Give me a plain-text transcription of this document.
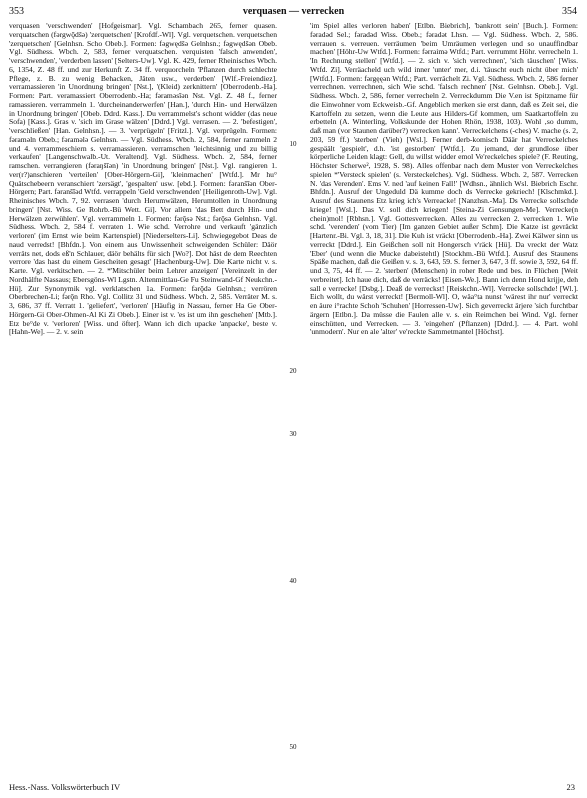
353	verquasen — verrecken	354

verquasen 'verschwenden' [Hofgeismar]. Vgl. Schambach 265, ferner quasen. verquatschen (fǝrgwǭdšǝ) 'zerquetschen' [Krofdf.-Wl]. Vgl. verquetschen. verquetschen 'zerquetschen' [Gelnhsn. Scho Obeb.]. Formen: fǝgwędšǝ Gelnhsn.; fǝgwędšǝn Obeb. Vgl. Südhess. Wbch. 2, 583, ferner verquatschen. verquisten 'falsch anwenden', 'verschwenden', 'verderben lassen' [Selters-Uw]. Vgl. K. 429, ferner Rheinisches Wbch. 6, 1354, Z. 48 ff. und zur Herkunft Z. 34 ff. verquorcheln 'Pflanzen durch schlechte Pflege, z. B. zu wenig Behacken, Jäten usw., verderben' [Wlf.-Freiendiez]. verramassieren 'in Unordnung bringen' [Nst.], '(Kleid) zerknittern' [Oberrodenb.-Ha]. Formen: Part. veramassiert Oberrodenb.-Ha; fǝramǝsīǝn Nst. Vgl. Z. 48 f., ferner ramassieren. verrammeln 1. 'durcheinanderwerfen' [Han.], 'durch Hin- und Herwälzen in Unordnung bringen' [Obeb. Ddrd. Kass.]. Du verrammelst's schont widder (das neue Sofa) [Kass.]. Gras v. 'sich im Grase wälzen' [Ddrd.] Vgl. verrasen. — 2. 'befestigen', 'verschließen' [Han. Gelnhsn.]. — 3. 'verprügeln' [Fritzl.]. Vgl. verprügeln. Formen: fǝramǝln Obeb.; fǝramǝlǝ Gelnhsn. — Vgl. Südhess. Wbch. 2, 584, ferner rammeln 2 und 4. verrammeschiern s. verramassieren. verramschen 'leichtsinnig und zu billig verkaufen' [Langenschwalb.-Ut. Veraltend]. Vgl. Südhess. Wbch. 2, 584, ferner ramschen. verrangieren (fǝraŋšīǝn) 'in Unordnung bringen' [Nst.]. Vgl. rangieren 1. ver(r?)anschieren 'verteilen' [Ober-Hörgern-Gi], 'kleinmachen' [Wtfd.]. Mr hu° Quätschebeern veranschiert 'zersägt', 'gespalten' usw. [ebd.]. Formen: fǝranšīǝn Ober-Hörgern; Part. fǝranšīǝd Wtfd. verrappeln 'Geld verschwenden' [Heiligenroth-Uw]. Vgl. Rheinisches Wbch. 7, 92. verrasen 'durch Herumwälzen, Herumtollen in Unordnung bringen' [Nst. Wiss. Ge Rohrb.-Bü Wett. Gi]. Vor allem 'das Bett durch Hin- und Herwälzen zerwühlen'. Vgl. verrammeln 1. Formen: fǝrǭsǝ Nst.; fǝrǭsǝ Gelnhsn. Vgl. Südhess. Wbch. 2, 584 f. verraten 1. Wie schd. Verrohre und verkauft 'gänzlich verloren' (im Ernst wie beim Kartenspiel) [Niederselters-Li]. Schwiegegebot Deas de naud verredst! [Bhfdn.]. Von einem aus Unwissenheit schweigenden Schüler: Däör verräts net, dods eß'n Schlauer, däör behälts für sich [Wo?]. Dot häst de dem Reechten verrore 'das hast du einem Gescheiten gesagt' [Hachenburg-Uw]. Die Karte nicht v. s. Karte. Vgl. verkitschen. — 2. *'Mitschüler beim Lehrer anzeigen' [Vereinzelt in der Nordhälfte Nassaus; Ebersgöns-Wl Lgstn. Altenmittlau-Ge Fu Steinwand-Gf Neukchn.-Hü]. Zur Synonymik vgl. verklatschen 1a. Formen: fǝrǭdǝ Gelnhsn.; verrören Oberbrechen-Li; fǝrǭn Rho. Vgl. Collitz 31 und Südhess. Wbch. 2, 585. Verräter M. s. 3, 686, 37 ff. Verratt 1. 'geliefert', 'verloren' [Häufig in Nassau, ferner Ha Ge Ober-Hörgern-Gi Ober-Ohmen-Al Ki Zi Obeb.]. Einer ist v. 'es ist um ihn geschehen' [Mtb.]. Etz be°de v. 'verloren' [Wiss. und öfter]. Wann ich dich upacke 'anpacke', beste v. [Hahn-We]. — 2. v. sein

10
20
30
40
50

'im Spiel alles verloren haben' [Etlbn. Biebrich], 'bankrott sein' [Buch.]. Formen: fǝradǝd Sel.; fǝradǝd Wiss. Obeb.; fǝradǝt Lhsn. — Vgl. Südhess. Wbch. 2, 586. verrauen s. verreuen. verräumen 'beim Umräumen verlegen und so unauffindbar machen' [Höhr-Uw Wtfd.]. Formen: fǝrraimǝ Wtfd.; Part. verrummt Höhr. verrecheln 1. 'In Rechnung stellen' [Wtfd.]. — 2. sich v. 'sich verrechnen', 'sich täuschen' [Wiss. Wtfd. Zi]. Verräacheld uch wild inner 'unter' mer, d.i. 'täuscht euch nicht über mich' [Wtfd.]. Formen: fǝrgęęǝn Wtfd.; Part. verrächelt Zi. Vgl. Südhess. Wbch. 2, 586 ferner verrechnen. verrechnen, sich Wie schd. 'falsch rechnen' [Nst. Gelnhsn. Obeb.]. Vgl. Südhess. Wbch. 2, 586, ferner verrecheln 2. Verreckdumm Die V.en ist Spitzname für die Einwohner vom Eckweisb.-Gf. Angeblich merken sie erst dann, daß es Zeit sei, die Kartoffeln zu setzen, wenn die Leute aus Hilders-Gf kommen, um Saatkartoffeln zu erbetteln (A. Winterling, Volkskunde der Hohen Rhön, 1938, 103). Wohl ‚so dumm, daß man (vor Staunen darüber?) verrecken kann'. Verreckelchens (-ches) V. mache (s. 2, 203, 59 ff.) 'sterben' (Vieh) [Wsl.]. Ferner derb-komisch Däär hat Verreckelches gespäält 'gespielt', d.h. 'ist gestorben' [Wtfd.]. Zu jemand, der grundlose über körperliche Leiden klagt: Gell, du willst widder emol Ve'reckelches spiele? (F. Reuting, Höchster Scherwe², 1928, S. 98). Alles offenbar nach dem Muster von Verreckelches spielen *'Versteck spielen' (s. Versteckelches). Vgl. Südhess. Wbch. 2, 587. Verrecken N. 'das Verenden'. Ems V. ned 'auf keinen Fall!' [Wdhsn., ähnlich Wsl. Biebrich Eschr. Bhfdn.]. Ausruf der Ungeduld Dä kumme doch ds Verrecke gekriech! [Klschmkd.]. Ausruf des Staunens Etz krieg ich's Verreacke! [Nanzhsn.-Ma]. Ds Verrecke sollschde kriege! [Wsl.]. Das V. soll dich kriegen! [Steina-Zi Gensungen-Me]. Verrecke(n chein)mol! [Rbhsn.]. Vgl. Gottesverrecken. Alles zu verrecken 2. verrecken 1. Wie schd. 'verenden' (vom Tier) [Im ganzen Gebiet außer Schm]. Die Katze ist gevräckt [Hartenr.-Bi. Vgl. 3, 18, 31]. Die Kuh ist vräckt [Oberrodenb.-Ha]. Zwei Kälwer sinn us verreckt [Ddrd.]. Ein Geißchen soll nit Hongersch v'räck [Hü]. Da vreckt der Watz 'Eber' (und wenn die Mucke dabeistehtl) [Stockhm.-Bü Wtfd.]. Ausruf des Staunens Späße machen, daß die Geißen v. s. 3, 643, 59. S. ferner 3, 647, 3 ff. sowie 3, 592, 64 ff. und 3, 75, 44 ff. — 2. 'sterben' (Menschen) in roher Rede und bes. in Flüchen [Weit verbreitet]. Ich haue dich, daß de verräcks! [Eisen-We.]. Bann ich denn Hond krijje, deh sall e verrecke! [Dsbg.]. Deaß de verreckst! [Reiskchn.-Wl]. Verrecke sollschde! [Wl.]. Eich wollt, du wärst verreckt! [Bermoll-Wl]. O, wäa°ta nunst 'wärest ihr nur' verreckt en äure i°rachte Schoh 'Schuhen' [Horressen-Uw]. Sich geverreckt ärjere 'sich furchtbar ärgern [Etlbn.]. Da müsse die Faulen alle v. s. ein Reimchen bei Wind. Vgl. ferner einschütten, und Verrecken. — 3. 'eingehen' (Pflanzen) [Ddrd.]. — 4. Part. wohl 'unmodern'. Nur en ale 'alter' ve'reckte Sammetmantel [Höchst].

Hess.-Nass. Volkswörterbuch IV	23
